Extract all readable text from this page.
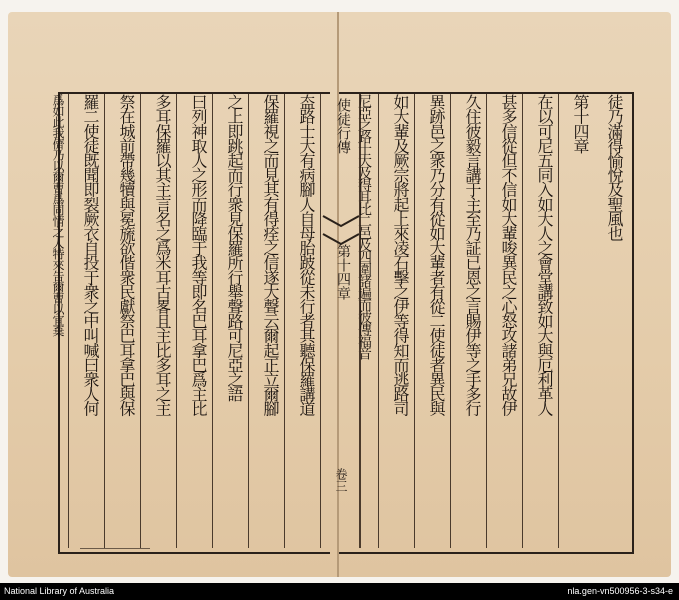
徒乃滿得愉悅及聖風也
第十四章
在以可尼五同入如大人之會堂講致如大與厄利革人
甚多信從但不信如大輩唆異民之心怒攻諸弟兄故伊
久住彼毅言講于主至乃証已恩之言賜伊等之手多行
異跡邑之衆乃分有從如大輩者有從二使徒者異民與
如大輩及厥宗將起上來凌石擊之伊等得知而逃路司
尼亞之路士大及得耳比二邑及四圍諸遍而彼傳福音
使徒行傳
第十四章
卷三
盇路士大有病腳人自母胎跛從未行者其聽保羅講道
保羅視之而見其有得痊之信遂大聲云爾起正立爾腳
之上即跳起而行衆見保羅所行舉聲路可尼亞之語
曰列神取人之形而降臨于我等即名巴耳拿巴爲主比
多耳保羅以其主言名之爲米耳古畧且主比多耳之主
祭在城前帶幾犢與冕旒欲偕衆民獻祭巴耳拿巴與保
羅二使徒既聞即裂厥衣自投于衆之中叫喊曰衆人何
爲如此我儕乃以爾曹爲同情之人特來告爾曹以宜棄
National Library of Australia	nla.gen-vn500956-3-s34-e
